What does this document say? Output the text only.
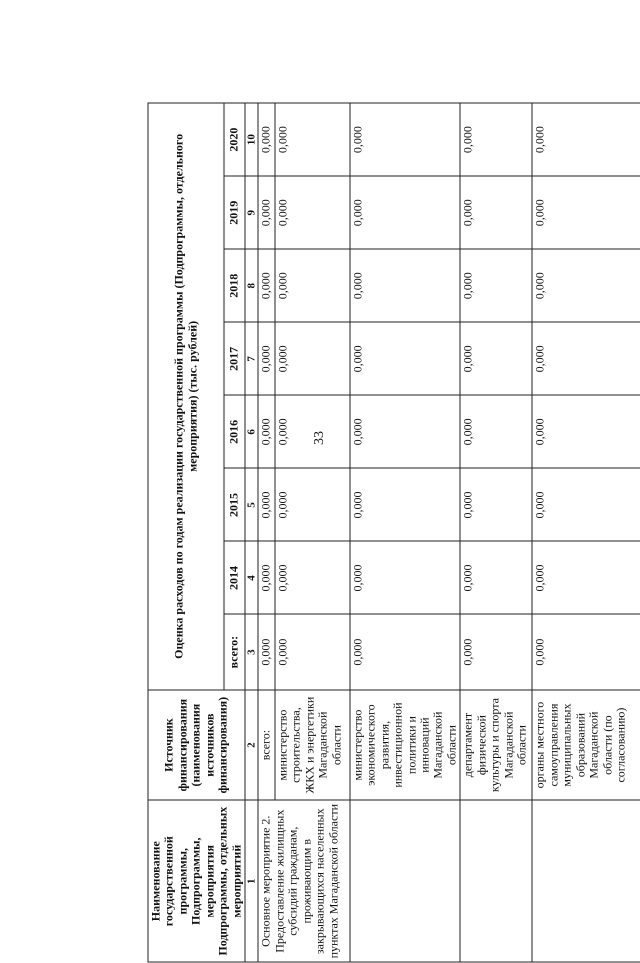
33
Наименование государственной программы, Подпрограммы, мероприятия Подпрограммы, отдельных мероприятий	Источник финансирования (наименования источников финансирования)	Оценка расходов по годам реализации государственной программы (Подпрограммы, отдельного мероприятия) (тыс. рублей)							
		всего:	2014	2015	2016	2017	2018	2019	2020
1	2	3	4	5	6	7	8	9	10
Основное мероприятие 2. Предоставление жилищных субсидий гражданам, проживающим в закрывающихся населенных пунктах Магаданской области	всего:	0,000	0,000	0,000	0,000	0,000	0,000	0,000	0,000
	министерство строительства, ЖКХ и энергетики Магаданской области	0,000	0,000	0,000	0,000	0,000	0,000	0,000	0,000
	министерство экономического развития, инвестиционной политики и инноваций Магаданской области	0,000	0,000	0,000	0,000	0,000	0,000	0,000	0,000
	департамент физической культуры и спорта Магаданской области	0,000	0,000	0,000	0,000	0,000	0,000	0,000	0,000
	органы местного самоуправления муниципальных образований Магаданской области (по согласованию)	0,000	0,000	0,000	0,000	0,000	0,000	0,000	0,000
